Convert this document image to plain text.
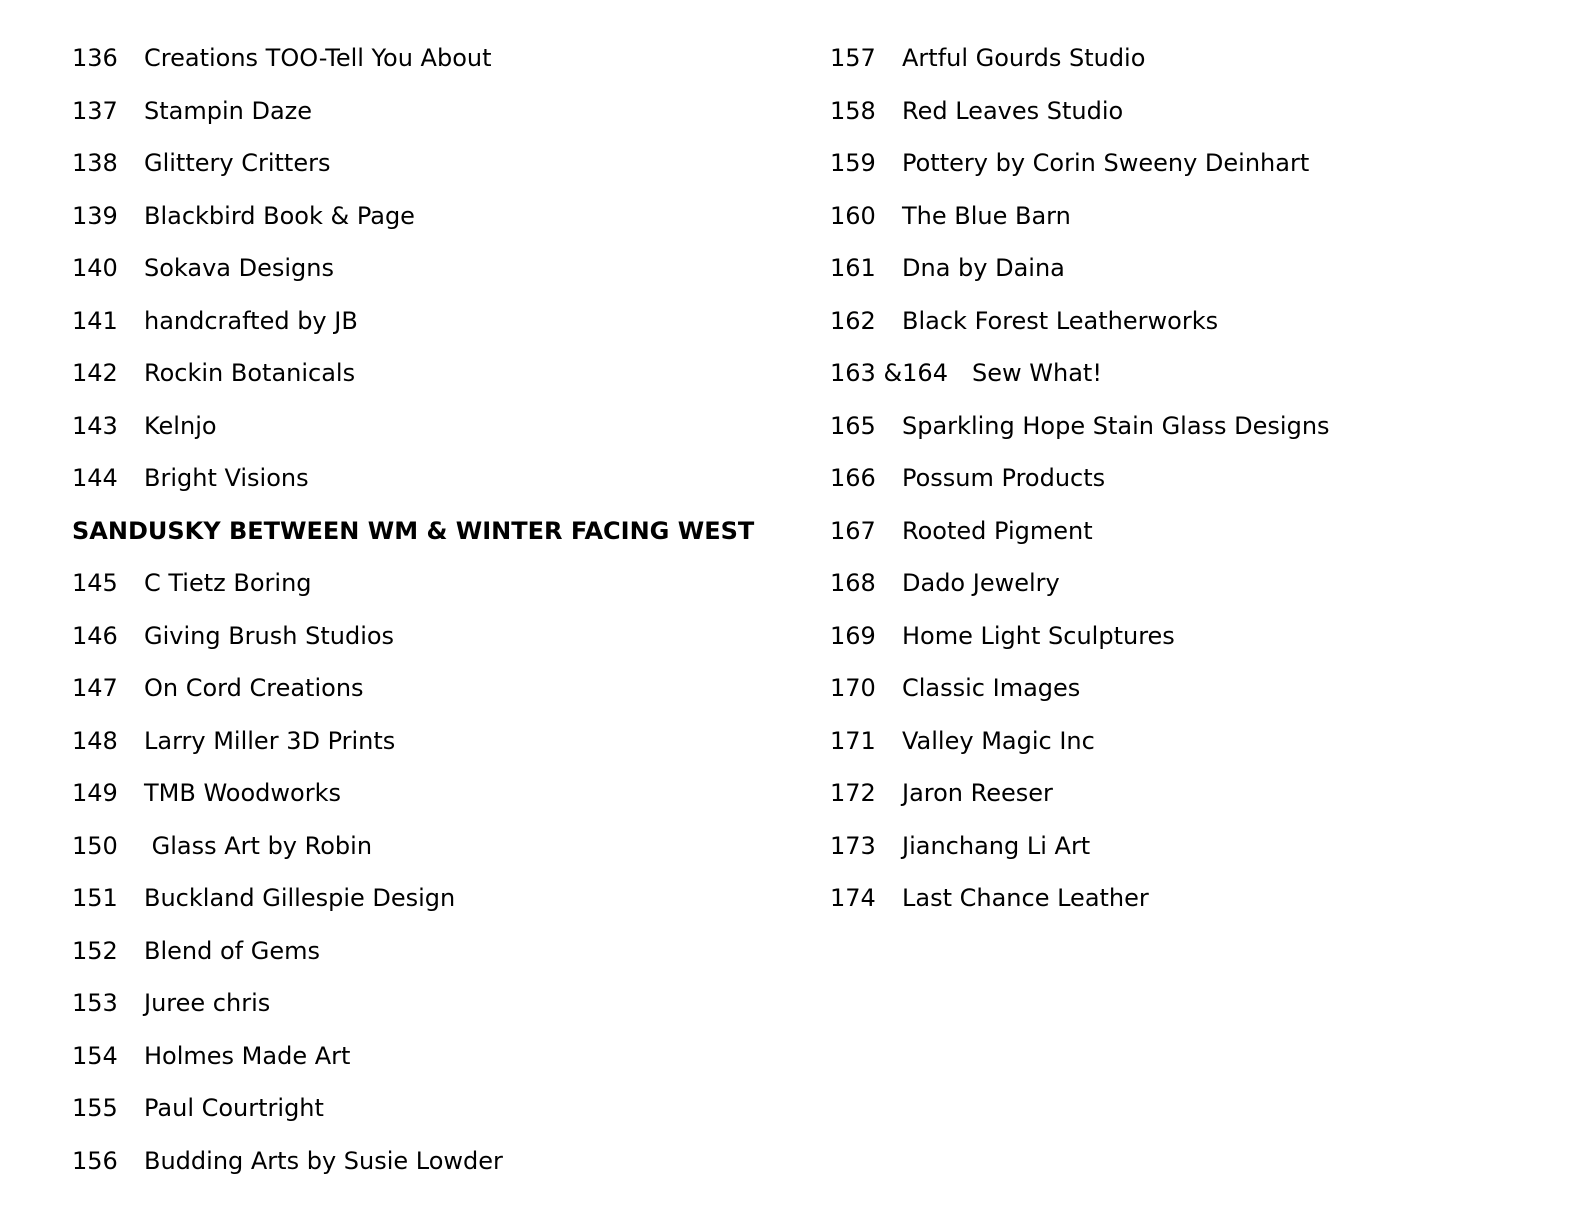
136	Creations TOO-Tell You About
137	Stampin Daze
138	Glittery Critters
139	Blackbird Book & Page
140	Sokava Designs
141	handcrafted by JB
142	Rockin Botanicals
143	Kelnjo
144	Bright Visions
SANDUSKY BETWEEN WM & WINTER FACING WEST
145	C Tietz Boring
146	Giving Brush Studios
147	On Cord Creations
148	Larry Miller 3D Prints
149	TMB Woodworks
150	Glass Art by Robin
151	Buckland Gillespie Design
152	Blend of Gems
153	Juree chris
154	Holmes Made Art
155	Paul Courtright
156	Budding Arts by Susie Lowder
157	Artful Gourds Studio
158	Red Leaves Studio
159	Pottery by Corin Sweeny Deinhart
160	The Blue Barn
161	Dna by Daina
162	Black Forest Leatherworks
163 &164	Sew What!
165	Sparkling Hope Stain Glass Designs
166	Possum Products
167	Rooted Pigment
168	Dado Jewelry
169	Home Light Sculptures
170	Classic Images
171	Valley Magic Inc
172	Jaron Reeser
173	Jianchang Li Art
174	Last Chance Leather
